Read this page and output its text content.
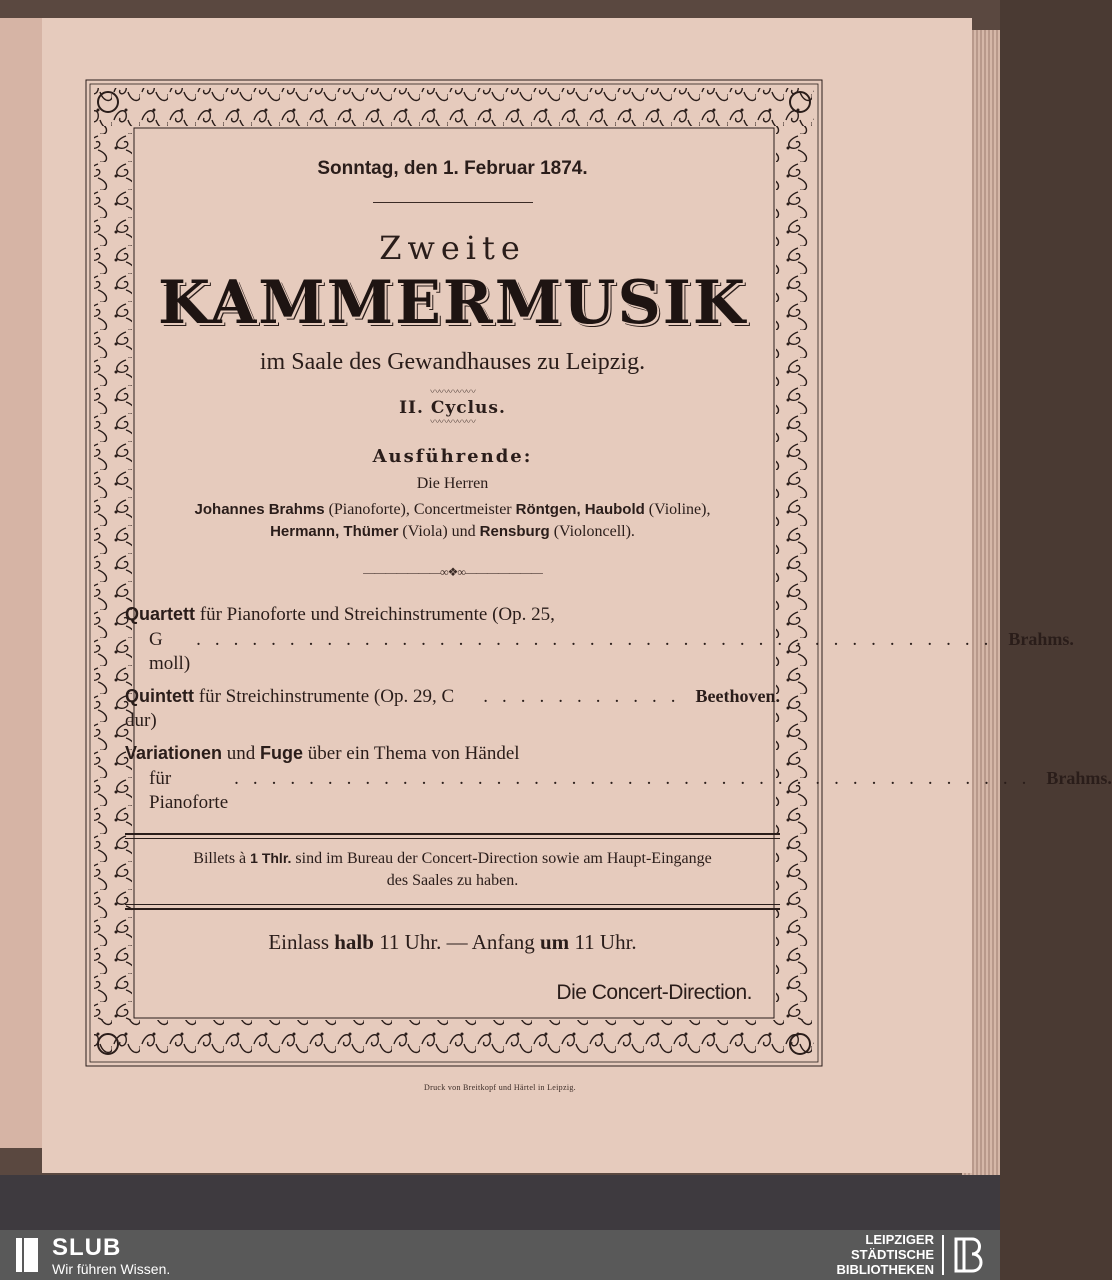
Sonntag, den 1. Februar 1874.
Zweite
KAMMERMUSIK
im Saale des Gewandhauses zu Leipzig.
〰〰〰〰〰
II. Cyclus.
〰〰〰〰〰
Ausführende:
Die Herren
Johannes Brahms (Pianoforte), Concertmeister Röntgen, Haubold (Violine),
Hermann, Thümer (Viola) und Rensburg (Violoncell).
———————∞❖∞———————
Quartett für Pianoforte und Streichinstrumente (Op. 25,
G moll)
........................................... Brahms.
Quintett für Streichinstrumente (Op. 29, C dur)
........... Beethoven.
Variationen und Fuge über ein Thema von Händel
für Pianoforte
........................................... Brahms.
Billets à 1 Thlr. sind im Bureau der Concert-Direction sowie am Haupt-Eingange
des Saales zu haben.
Einlass halb 11 Uhr. — Anfang um 11 Uhr.
Die Concert-Direction.
Druck von Breitkopf und Härtel in Leipzig.
SLUB
Wir führen Wissen.
LEIPZIGER
STÄDTISCHE
BIBLIOTHEKEN
